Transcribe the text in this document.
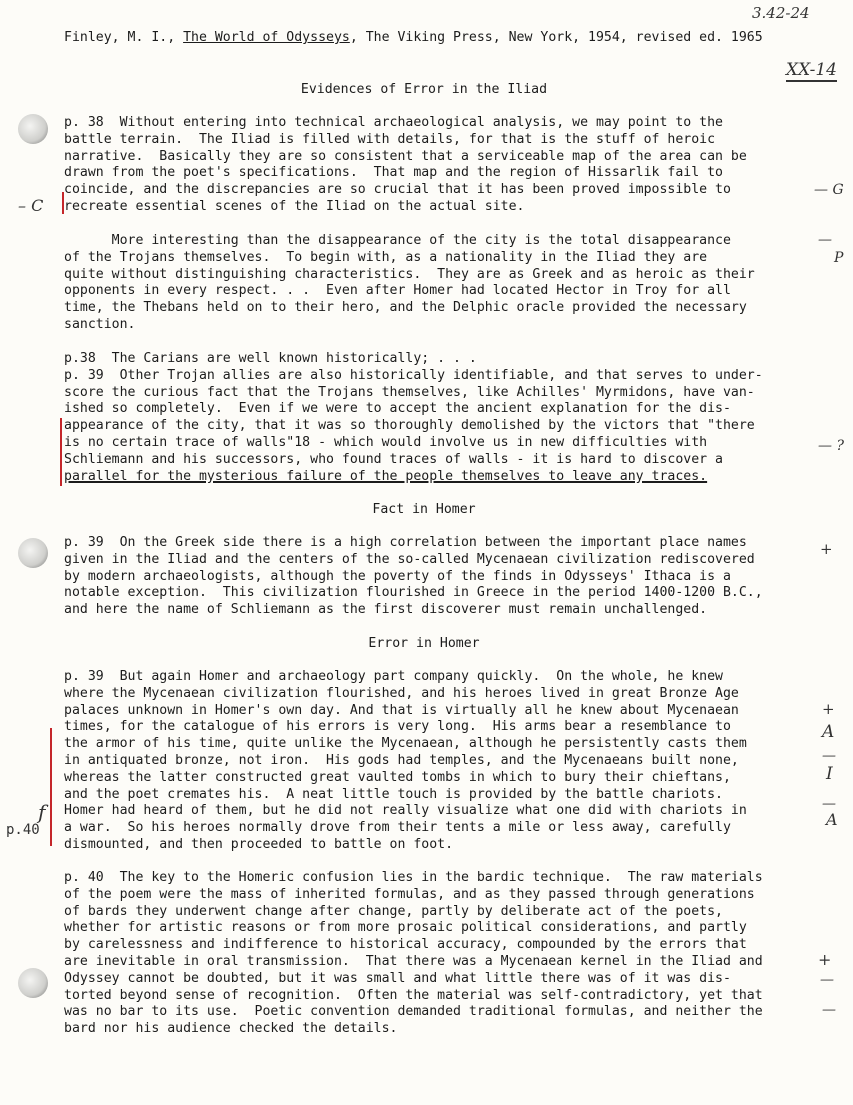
3.42-24
XX-14
– C
p.40
f
— G
—
P
— ?
+
+
A
—
I
—
A
+
—
—
Finley, M. I., The World of Odysseys, The Viking Press, New York, 1954, revised ed. 1965
Evidences of Error in the Iliad
p. 38  Without entering into technical archaeological analysis, we may point to the
battle terrain.  The Iliad is filled with details, for that is the stuff of heroic
narrative.  Basically they are so consistent that a serviceable map of the area can be
drawn from the poet's specifications.  That map and the region of Hissarlik fail to
coincide, and the discrepancies are so crucial that it has been proved impossible to
recreate essential scenes of the Iliad on the actual site.
More interesting than the disappearance of the city is the total disappearance
of the Trojans themselves.  To begin with, as a nationality in the Iliad they are
quite without distinguishing characteristics.  They are as Greek and as heroic as their
opponents in every respect. . .  Even after Homer had located Hector in Troy for all
time, the Thebans held on to their hero, and the Delphic oracle provided the necessary
sanction.
p.38  The Carians are well known historically; . . .
p. 39  Other Trojan allies are also historically identifiable, and that serves to under-
score the curious fact that the Trojans themselves, like Achilles' Myrmidons, have van-
ished so completely.  Even if we were to accept the ancient explanation for the dis-
appearance of the city, that it was so thoroughly demolished by the victors that "there
is no certain trace of walls"18 - which would involve us in new difficulties with
Schliemann and his successors, who found traces of walls - it is hard to discover a
parallel for the mysterious failure of the people themselves to leave any traces.
Fact in Homer
p. 39  On the Greek side there is a high correlation between the important place names
given in the Iliad and the centers of the so-called Mycenaean civilization rediscovered
by modern archaeologists, although the poverty of the finds in Odysseys' Ithaca is a
notable exception.  This civilization flourished in Greece in the period 1400-1200 B.C.,
and here the name of Schliemann as the first discoverer must remain unchallenged.
Error in Homer
p. 39  But again Homer and archaeology part company quickly.  On the whole, he knew
where the Mycenaean civilization flourished, and his heroes lived in great Bronze Age
palaces unknown in Homer's own day. And that is virtually all he knew about Mycenaean
times, for the catalogue of his errors is very long.  His arms bear a resemblance to
the armor of his time, quite unlike the Mycenaean, although he persistently casts them
in antiquated bronze, not iron.  His gods had temples, and the Mycenaeans built none,
whereas the latter constructed great vaulted tombs in which to bury their chieftans,
and the poet cremates his.  A neat little touch is provided by the battle chariots.
Homer had heard of them, but he did not really visualize what one did with chariots in
a war.  So his heroes normally drove from their tents a mile or less away, carefully
dismounted, and then proceeded to battle on foot.
p. 40  The key to the Homeric confusion lies in the bardic technique.  The raw materials
of the poem were the mass of inherited formulas, and as they passed through generations
of bards they underwent change after change, partly by deliberate act of the poets,
whether for artistic reasons or from more prosaic political considerations, and partly
by carelessness and indifference to historical accuracy, compounded by the errors that
are inevitable in oral transmission.  That there was a Mycenaean kernel in the Iliad and
Odyssey cannot be doubted, but it was small and what little there was of it was dis-
torted beyond sense of recognition.  Often the material was self-contradictory, yet that
was no bar to its use.  Poetic convention demanded traditional formulas, and neither the
bard nor his audience checked the details.
